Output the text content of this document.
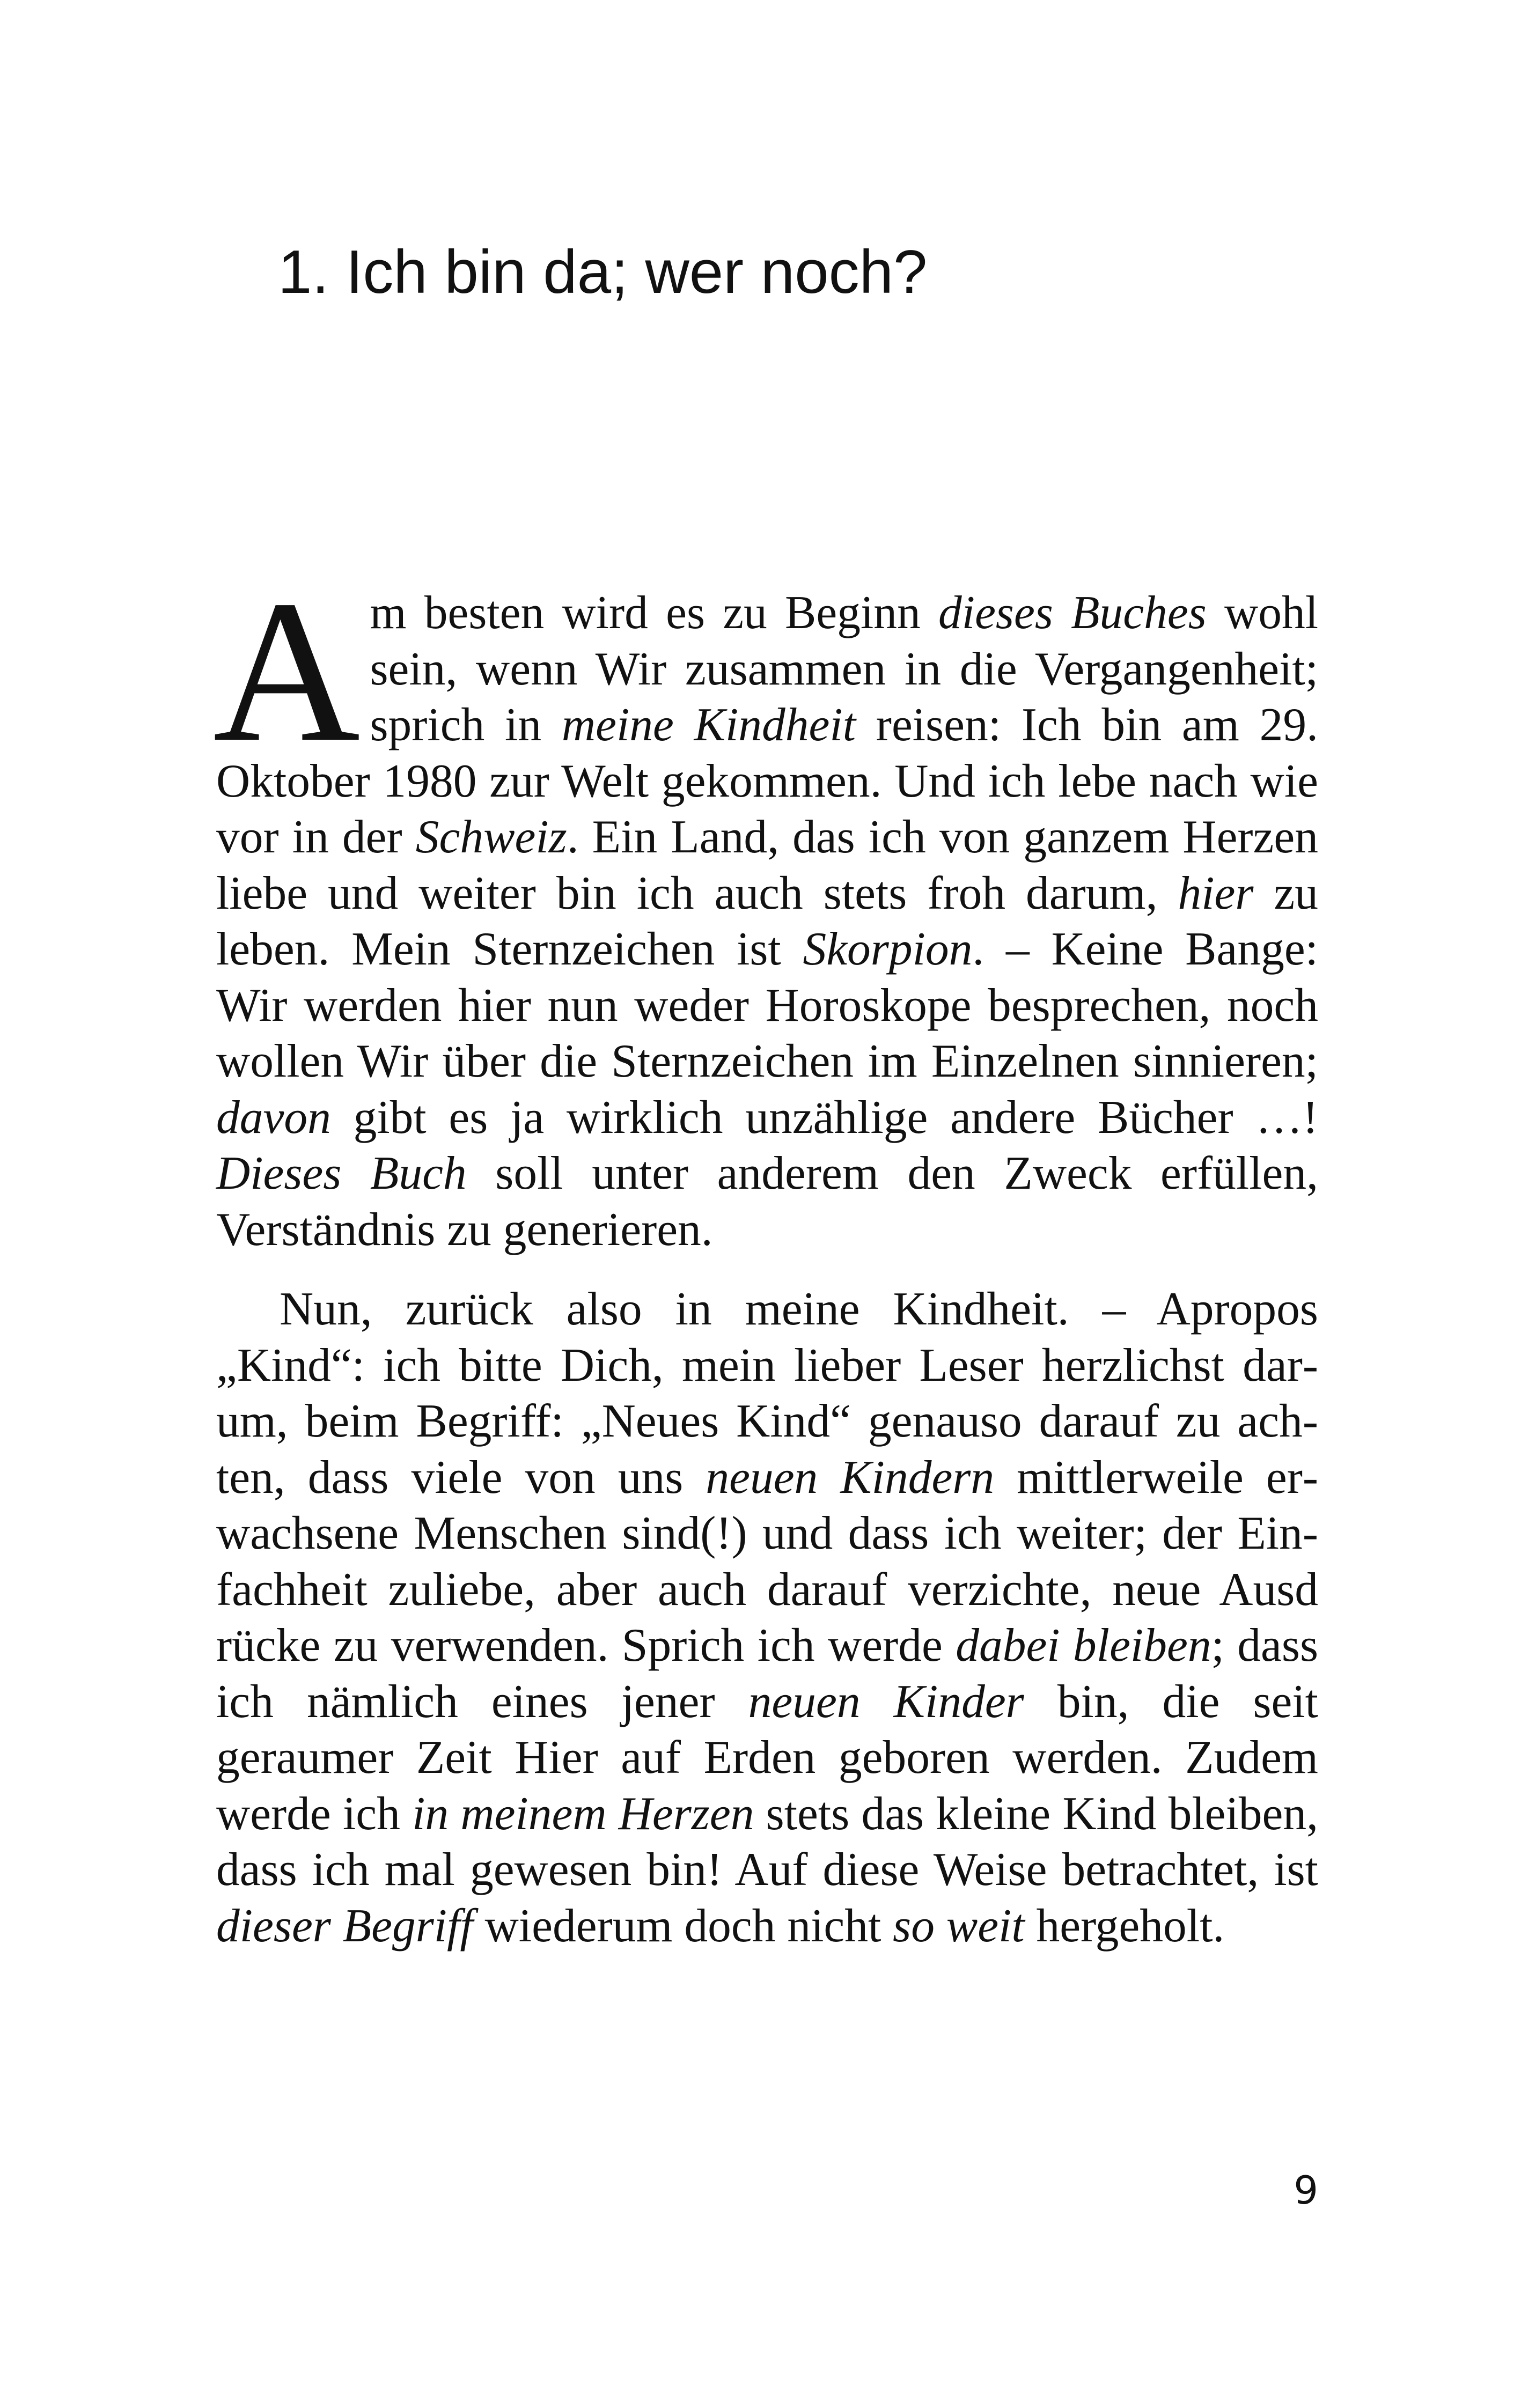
1. Ich bin da; wer noch?

Am besten wird es zu Beginn dieses Buches wohl sein, wenn Wir zusammen in die Vergangenheit; sprich in meine Kindheit reisen: Ich bin am 29. Oktober 1980 zur Welt gekommen. Und ich lebe nach wie vor in der Schweiz. Ein Land, das ich von ganzem Herzen liebe und weiter bin ich auch stets froh darum, hier zu leben. Mein Sternzeichen ist Skorpion. – Keine Bange: Wir werden hier nun weder Horoskope besprechen, noch wollen Wir über die Sternzeichen im Einzelnen sinnieren; davon gibt es ja wirklich unzählige andere Bücher …! Dieses Buch soll unter anderem den Zweck erfüllen, Verständnis zu generieren.

Nun, zurück also in meine Kindheit. – Apropos „Kind“: ich bitte Dich, mein lieber Leser herzlichst darum, beim Begriff: „Neues Kind“ genauso darauf zu achten, dass viele von uns neuen Kindern mittlerweile erwachsene Menschen sind(!) und dass ich weiter; der Einfachheit zuliebe, aber auch darauf verzichte, neue Ausd rücke zu verwenden. Sprich ich werde dabei bleiben; dass ich nämlich eines jener neuen Kinder bin, die seit geraumer Zeit Hier auf Erden geboren werden. Zudem werde ich in meinem Herzen stets das kleine Kind bleiben, dass ich mal gewesen bin! Auf diese Weise betrachtet, ist dieser Begriff wiederum doch nicht so weit hergeholt.

9
